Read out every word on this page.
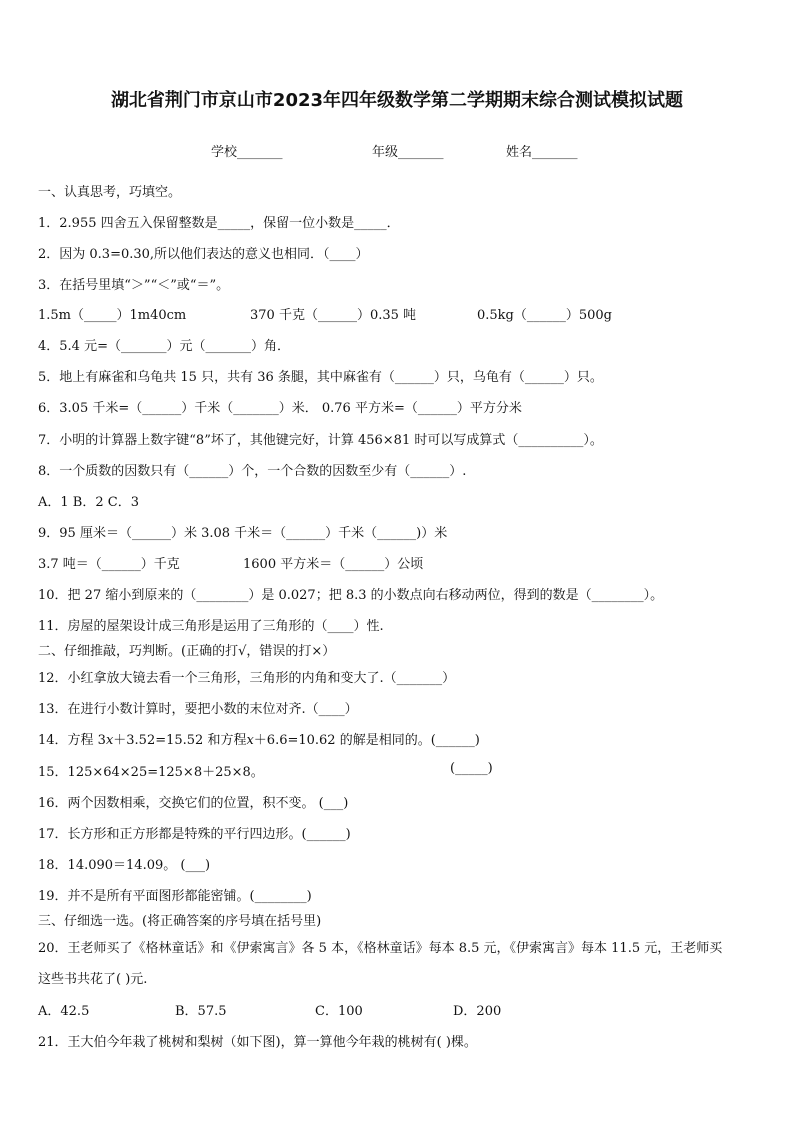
湖北省荆门市京山市2023年四年级数学第二学期期末综合测试模拟试题
学校_______	年级_______	姓名_______
一、认真思考，巧填空。
1．2.955 四舍五入保留整数是_____，保留一位小数是_____．
2．因为 0.3=0.30,所以他们表达的意义也相同．（____）
3．在括号里填“＞”“＜”或“＝”。
4．5.4 元=（_______）元（_______）角．
5．地上有麻雀和乌龟共 15 只，共有 36 条腿，其中麻雀有（______）只，乌龟有（______）只。
6．3.05 千米=（______）千米（_______）米． 0.76 平方米=（______）平方分米
7．小明的计算器上数字键“8”坏了，其他键完好，计算 456×81 时可以写成算式（__________）。
8．一个质数的因数只有（______）个，一个合数的因数至少有（______）.
A．1 B．2 C．3
9．95 厘米＝（______）米 3.08 千米＝（______）千米（______)）米
10．把 27 缩小到原来的（________）是 0.027；把 8.3 的小数点向右移动两位，得到的数是（________）。
11．房屋的屋架设计成三角形是运用了三角形的（____）性.
二、仔细推敲，巧判断。(正确的打√，错误的打×）
12．小红拿放大镜去看一个三角形，三角形的内角和变大了.（_______）
13．在进行小数计算时，要把小数的末位对齐.（____）
14．方程 3𝑥＋3.52=15.52 和方程𝑥＋6.6=10.62 的解是相同的。(______)
15．125×64×25=125×8＋25×8。
16．两个因数相乘，交换它们的位置，积不变。 (___)
17．长方形和正方形都是特殊的平行四边形。(______)
18．14.090＝14.09。 (___)
19．并不是所有平面图形都能密铺。(________)
三、仔细选一选。(将正确答案的序号填在括号里)
20．王老师买了《格林童话》和《伊索寓言》各 5 本，《格林童话》每本 8.5 元，《伊索寓言》每本 11.5 元，王老师买
这些书共花了( )元.
21．王大伯今年栽了桃树和梨树（如下图)，算一算他今年栽的桃树有( )棵。
1.5m（_____）1m40cm	370 千克（______）0.35 吨	0.5kg（______）500g
3.7 吨＝（______）千克	1600 平方米＝（______）公顷
(_____)
A．42.5	B．57.5	C．100	D．200
